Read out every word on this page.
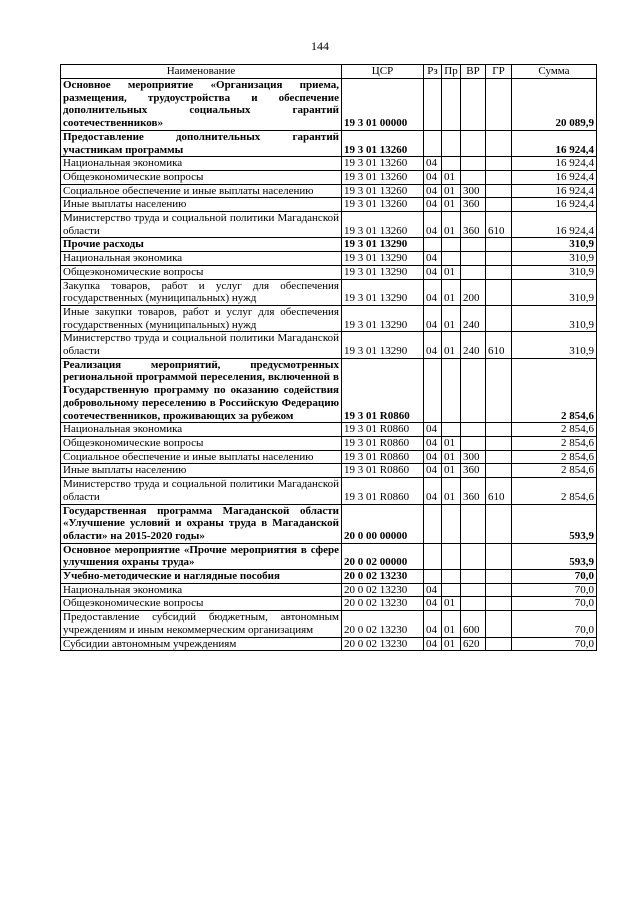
144
Наименование	ЦСР	Рз	Пр	ВР	ГР	Сумма
Основное мероприятие «Организация приема, размещения, трудоустройства и обеспечение дополнительных социальных гарантий соотечественников»	19 3 01 00000					20 089,9
Предоставление дополнительных гарантий участникам программы	19 3 01 13260					16 924,4
Национальная экономика	19 3 01 13260	04				16 924,4
Общеэкономические вопросы	19 3 01 13260	04	01			16 924,4
Социальное обеспечение и иные выплаты населению	19 3 01 13260	04	01	300		16 924,4
Иные выплаты населению	19 3 01 13260	04	01	360		16 924,4
Министерство труда и социальной политики Магаданской области	19 3 01 13260	04	01	360	610	16 924,4
Прочие расходы	19 3 01 13290					310,9
Национальная экономика	19 3 01 13290	04				310,9
Общеэкономические вопросы	19 3 01 13290	04	01			310,9
Закупка товаров, работ и услуг для обеспечения государственных (муниципальных) нужд	19 3 01 13290	04	01	200		310,9
Иные закупки товаров, работ и услуг для обеспечения государственных (муниципальных) нужд	19 3 01 13290	04	01	240		310,9
Министерство труда и социальной политики Магаданской области	19 3 01 13290	04	01	240	610	310,9
Реализация мероприятий, предусмотренных региональной программой переселения, включенной в Государственную программу по оказанию содействия добровольному переселению в Российскую Федерацию соотечественников, проживающих за рубежом	19 3 01 R0860					2 854,6
Национальная экономика	19 3 01 R0860	04				2 854,6
Общеэкономические вопросы	19 3 01 R0860	04	01			2 854,6
Социальное обеспечение и иные выплаты населению	19 3 01 R0860	04	01	300		2 854,6
Иные выплаты населению	19 3 01 R0860	04	01	360		2 854,6
Министерство труда и социальной политики Магаданской области	19 3 01 R0860	04	01	360	610	2 854,6
Государственная программа Магаданской области «Улучшение условий и охраны труда в Магаданской области» на 2015-2020 годы»	20 0 00 00000					593,9
Основное мероприятие «Прочие мероприятия в сфере улучшения охраны труда»	20 0 02 00000					593,9
Учебно-методические и наглядные пособия	20 0 02 13230					70,0
Национальная экономика	20 0 02 13230	04				70,0
Общеэкономические вопросы	20 0 02 13230	04	01			70,0
Предоставление субсидий бюджетным, автономным учреждениям и иным некоммерческим организациям	20 0 02 13230	04	01	600		70,0
Субсидии автономным учреждениям	20 0 02 13230	04	01	620		70,0
